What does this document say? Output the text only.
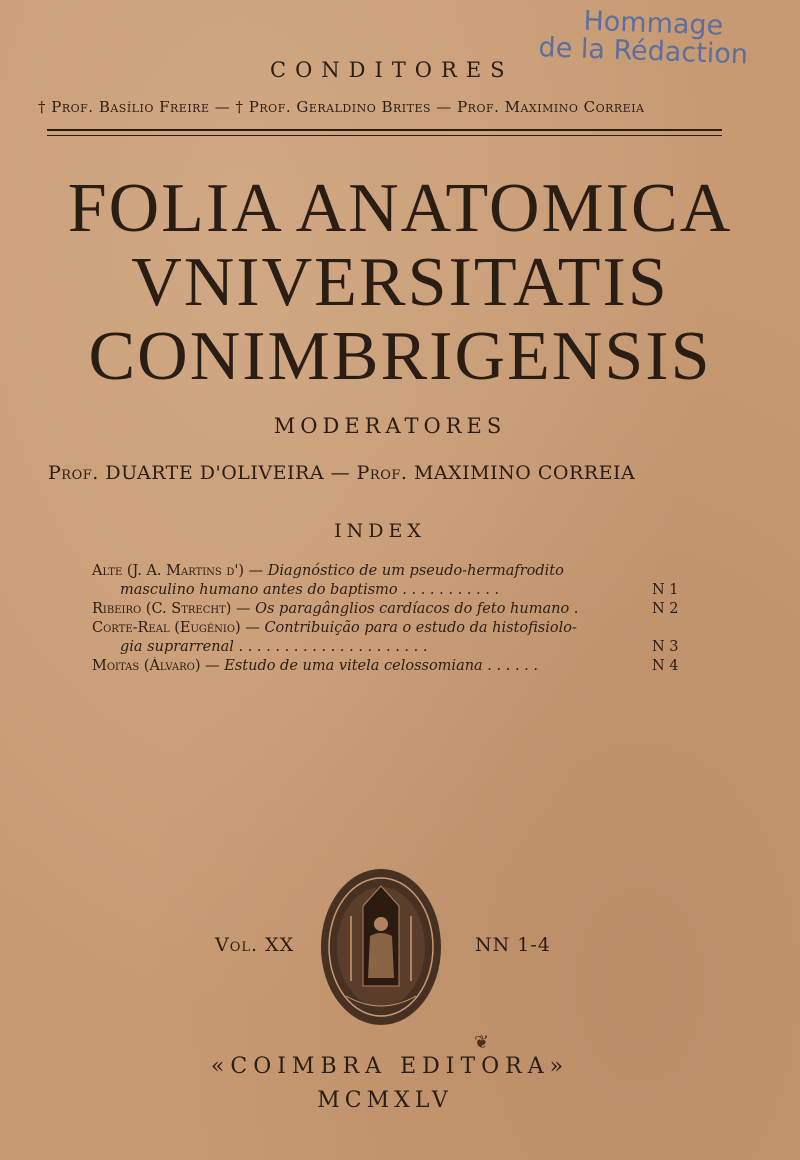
Hommage
de la Rédaction
CONDITORES
† Prof. Basílio Freire — † Prof. Geraldino Brites — Prof. Maximino Correia
FOLIA ANATOMICA
VNIVERSITATIS
CONIMBRIGENSIS
MODERATORES
Prof. DUARTE D'OLIVEIRA — Prof. MAXIMINO CORREIA
INDEX
Alte (J. A. Martins d') — Diagnóstico de um pseudo-hermafrodito
masculino humano antes do baptismo . . . . . . . . . . .	N 1
Ribeiro (C. Strecht) — Os paragânglios cardíacos do feto humano .	N 2
Corte-Real (Eugénio) — Contribuição para o estudo da histofisiolo-
gia suprarrenal . . . . . . . . . . . . . . . . . . . . .	N 3
Moitas (Álvaro) — Estudo de uma vitela celossomiana . . . . . .	N 4
Vol. XX	NN 1-4
❦
«COIMBRA EDITORA»
MCMXLV
